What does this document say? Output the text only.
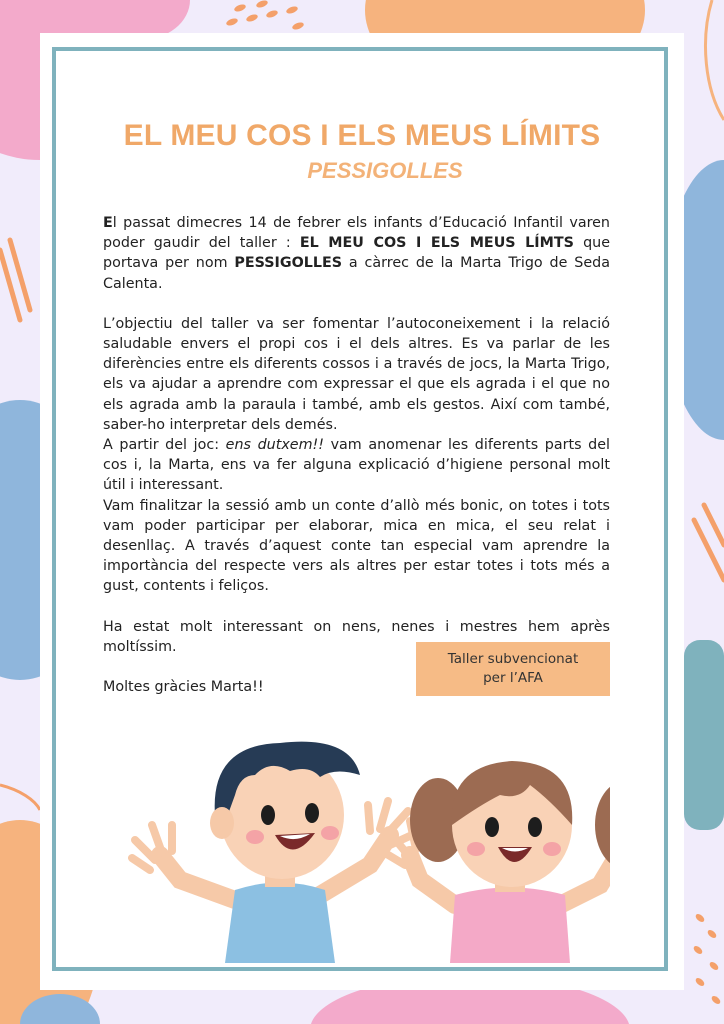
EL MEU COS I ELS MEUS LÍMITS
PESSIGOLLES

El passat dimecres 14 de febrer els infants d’Educació Infantil varen poder gaudir del taller : EL MEU COS I ELS MEUS LÍMTS que portava per nom PESSIGOLLES a càrrec de la Marta Trigo de Seda Calenta.

L’objectiu del taller va ser fomentar l’autoconeixement i la relació saludable envers el propi cos i el dels altres. Es va parlar de les diferències entre els diferents cossos i a través de jocs, la Marta Trigo, els va ajudar a aprendre com expressar el que els agrada i el que no els agrada amb la paraula i també, amb els gestos. Així com també, saber-ho interpretar dels demés.

A partir del joc: ens dutxem!! vam anomenar les diferents parts del cos i, la Marta, ens va fer alguna explicació d’higiene personal molt útil i interessant.

Vam finalitzar la sessió amb un conte d’allò més bonic, on totes i tots vam poder participar per elaborar, mica en mica, el seu relat i desenllaç. A través d’aquest conte tan especial vam aprendre la importància del respecte vers als altres per estar totes i tots més a gust, contents i feliços.

Ha estat molt interessant on nens, nenes i mestres hem après moltíssim.

Moltes gràcies Marta!!

Taller subvencionat
per l’AFA
